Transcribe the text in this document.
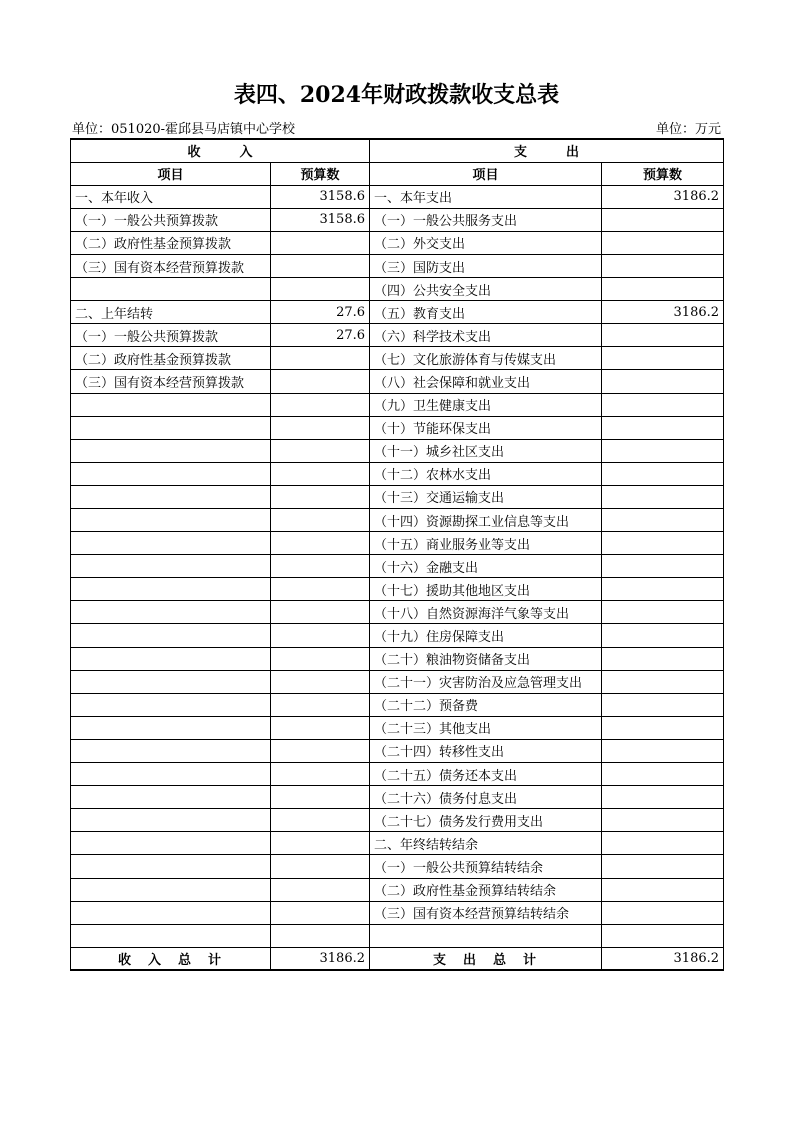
表四、2024年财政拨款收支总表
单位：051020-霍邱县马店镇中心学校	单位：万元
收　　　入		支　　　出	
项目	预算数	项目	预算数
一、本年收入	3158.6	一、本年支出	3186.2
（一）一般公共预算拨款	3158.6	（一）一般公共服务支出	
（二）政府性基金预算拨款		（二）外交支出	
（三）国有资本经营预算拨款		（三）国防支出	
		（四）公共安全支出	
二、上年结转	27.6	（五）教育支出	3186.2
（一）一般公共预算拨款	27.6	（六）科学技术支出	
（二）政府性基金预算拨款		（七）文化旅游体育与传媒支出	
（三）国有资本经营预算拨款		（八）社会保障和就业支出	
		（九）卫生健康支出	
		（十）节能环保支出	
		（十一）城乡社区支出	
		（十二）农林水支出	
		（十三）交通运输支出	
		（十四）资源勘探工业信息等支出	
		（十五）商业服务业等支出	
		（十六）金融支出	
		（十七）援助其他地区支出	
		（十八）自然资源海洋气象等支出	
		（十九）住房保障支出	
		（二十）粮油物资储备支出	
		（二十一）灾害防治及应急管理支出	
		（二十二）预备费	
		（二十三）其他支出	
		（二十四）转移性支出	
		（二十五）债务还本支出	
		（二十六）债务付息支出	
		（二十七）债务发行费用支出	
		二、年终结转结余	
		（一）一般公共预算结转结余	
		（二）政府性基金预算结转结余	
		（三）国有资本经营预算结转结余	

收　入　总　计	3186.2	支　出　总　计	3186.2
